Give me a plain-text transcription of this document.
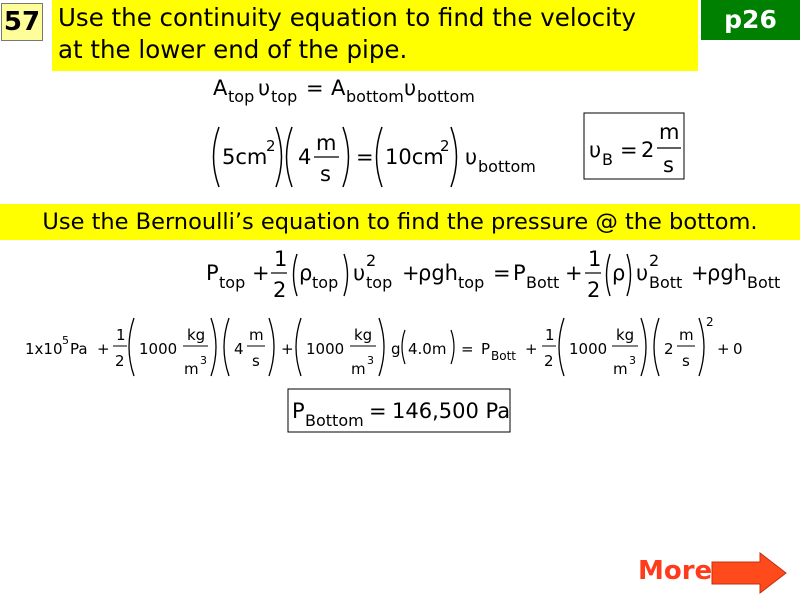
57 Use the continuity equation to find the velocity
at the lower end of the pipe.
p26
A top υ top = A bottom υ bottom
5cm
2 4
m
s
= 10cm
2 υ bottom
υ B = 2
m
s
P top +
1
2
ρ top υ
2
top +
ρgh top = P Bott +
1
2
ρ υ
2
Bott +
ρgh Bott
1x10 5 Pa +
1
2
1000
kg
m 3
4
m
s
+ 1000
kg
m 3
g 4.0m = P Bott +
1
2
1000
kg
m 3
2
m
s
2
+ 0
P Bottom = 146,500 Pa
Use the Bernoulli’s equation to find the pressure @ the bottom.
More
